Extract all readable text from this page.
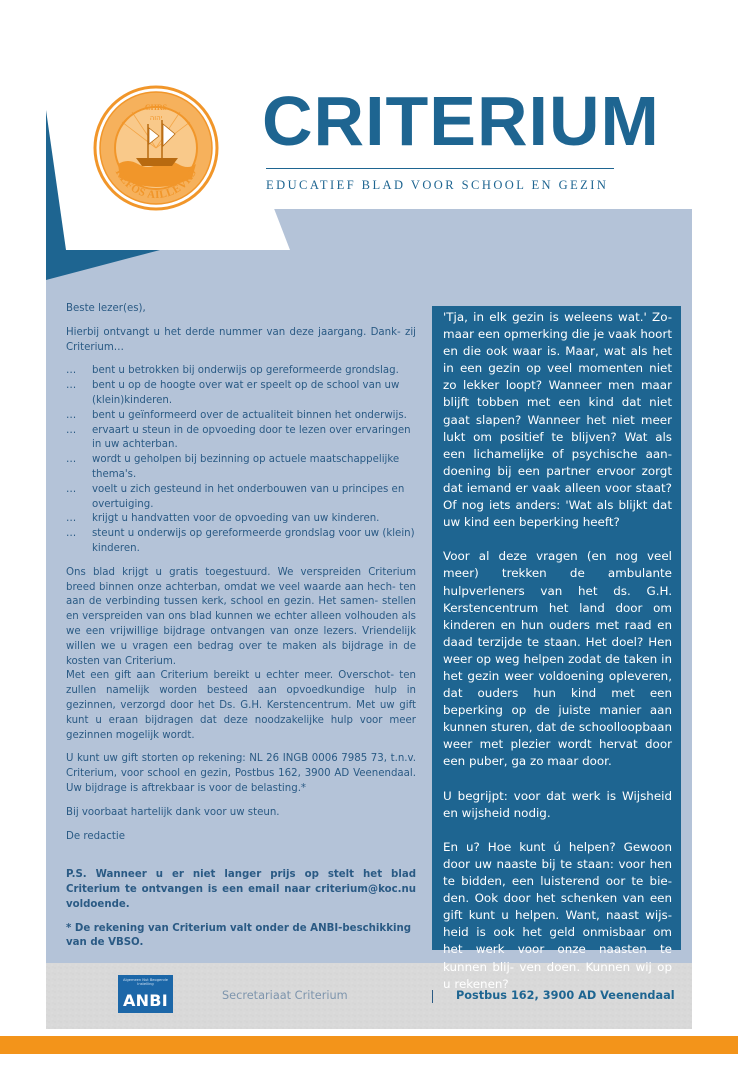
CHRS
יהוה
REFOS AILLEVRS
CRITERIUM
EDUCATIEF BLAD VOOR SCHOOL EN GEZIN

Beste lezer(es),

Hierbij ontvangt u het derde nummer van deze jaargang. Dank- zij Criterium…

… bent u betrokken bij onderwijs op gereformeerde grondslag.
… bent u op de hoogte over wat er speelt op de school van uw (klein)kinderen.
… bent u geïnformeerd over de actualiteit binnen het onderwijs.
… ervaart u steun in de opvoeding door te lezen over ervaringen in uw achterban.
… wordt u geholpen bij bezinning op actuele maatschappelijke thema's.
… voelt u zich gesteund in het onderbouwen van u principes en overtuiging.
… krijgt u handvatten voor de opvoeding van uw kinderen.
… steunt u onderwijs op gereformeerde grondslag voor uw (klein) kinderen.

Ons blad krijgt u gratis toegestuurd. We verspreiden Criterium breed binnen onze achterban, omdat we veel waarde aan hech- ten aan de verbinding tussen kerk, school en gezin. Het samen- stellen en verspreiden van ons blad kunnen we echter alleen volhouden als we een vrijwillige bijdrage ontvangen van onze lezers. Vriendelijk willen we u vragen een bedrag over te maken als bijdrage in de kosten van Criterium.

Met een gift aan Criterium bereikt u echter meer. Overschot- ten zullen namelijk worden besteed aan opvoedkundige hulp in gezinnen, verzorgd door het Ds. G.H. Kerstencentrum. Met uw gift kunt u eraan bijdragen dat deze noodzakelijke hulp voor meer gezinnen mogelijk wordt.

U kunt uw gift storten op rekening: NL 26 INGB 0006 7985 73, t.n.v. Criterium, voor school en gezin, Postbus 162, 3900 AD Veenendaal. Uw bijdrage is aftrekbaar is voor de belasting.*

Bij voorbaat hartelijk dank voor uw steun.

De redactie

P.S. Wanneer u er niet langer prijs op stelt het blad Criterium te ontvangen is een email naar criterium@koc.nu voldoende.

* De rekening van Criterium valt onder de ANBI-beschikking van de VBSO.

'Tja, in elk gezin is weleens wat.' Zo- maar een opmerking die je vaak hoort en die ook waar is. Maar, wat als het in een gezin op veel momenten niet zo lekker loopt? Wanneer men maar blijft tobben met een kind dat niet gaat slapen? Wanneer het niet meer lukt om positief te blijven? Wat als een lichamelijke of psychische aan- doening bij een partner ervoor zorgt dat iemand er vaak alleen voor staat? Of nog iets anders: 'Wat als blijkt dat uw kind een beperking heeft?

Voor al deze vragen (en nog veel meer) trekken de ambulante hulpverleners van het ds. G.H. Kerstencentrum het land door om kinderen en hun ouders met raad en daad terzijde te staan. Het doel? Hen weer op weg helpen zodat de taken in het gezin weer voldoening opleveren, dat ouders hun kind met een beperking op de juiste manier aan kunnen sturen, dat de schoolloopbaan weer met plezier wordt hervat door een puber, ga zo maar door.

U begrijpt: voor dat werk is Wijsheid en wijsheid nodig.

En u? Hoe kunt ú helpen? Gewoon door uw naaste bij te staan: voor hen te bidden, een luisterend oor te bie- den. Ook door het schenken van een gift kunt u helpen. Want, naast wijs- heid is ook het geld onmisbaar om het werk voor onze naasten te kunnen blij- ven doen. Kunnen wij op u rekenen?

Algemeen Nut Beogende Instelling
ANBI	Secretariaat Criterium	Postbus 162, 3900 AD Veenendaal
